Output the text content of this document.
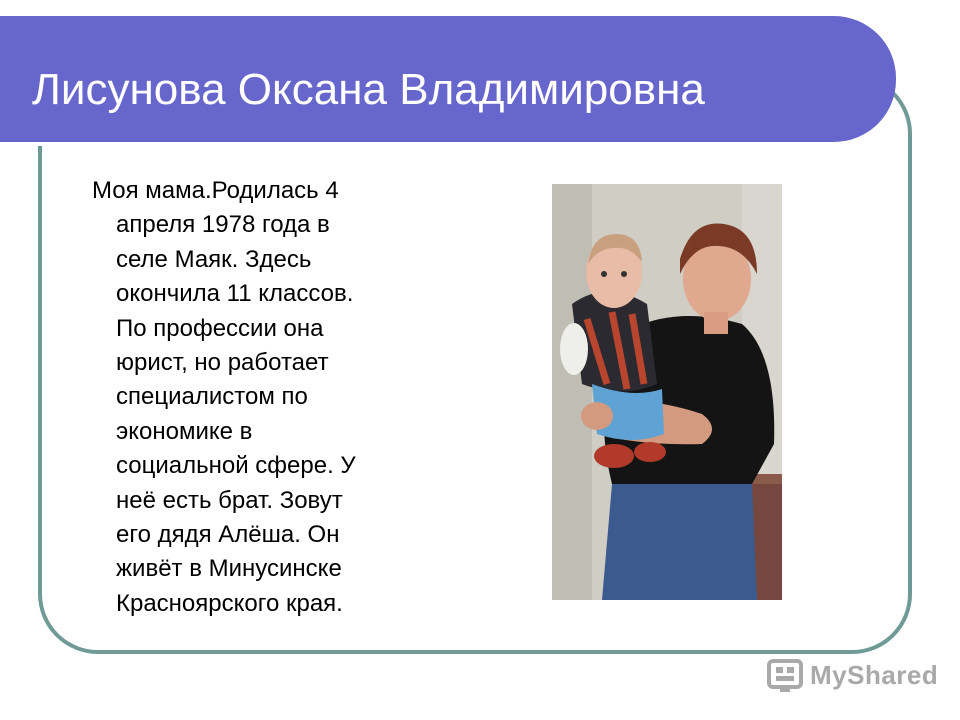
Лисунова Оксана Владимировна

Моя мама.Родилась 4
апреля 1978 года в
селе Маяк. Здесь
окончила 11 классов.
По профессии она
юрист, но работает
специалистом по
экономике в
социальной сфере. У
неё есть брат. Зовут
его дядя Алёша. Он
живёт в Минусинске
Красноярского края.

MyShared
